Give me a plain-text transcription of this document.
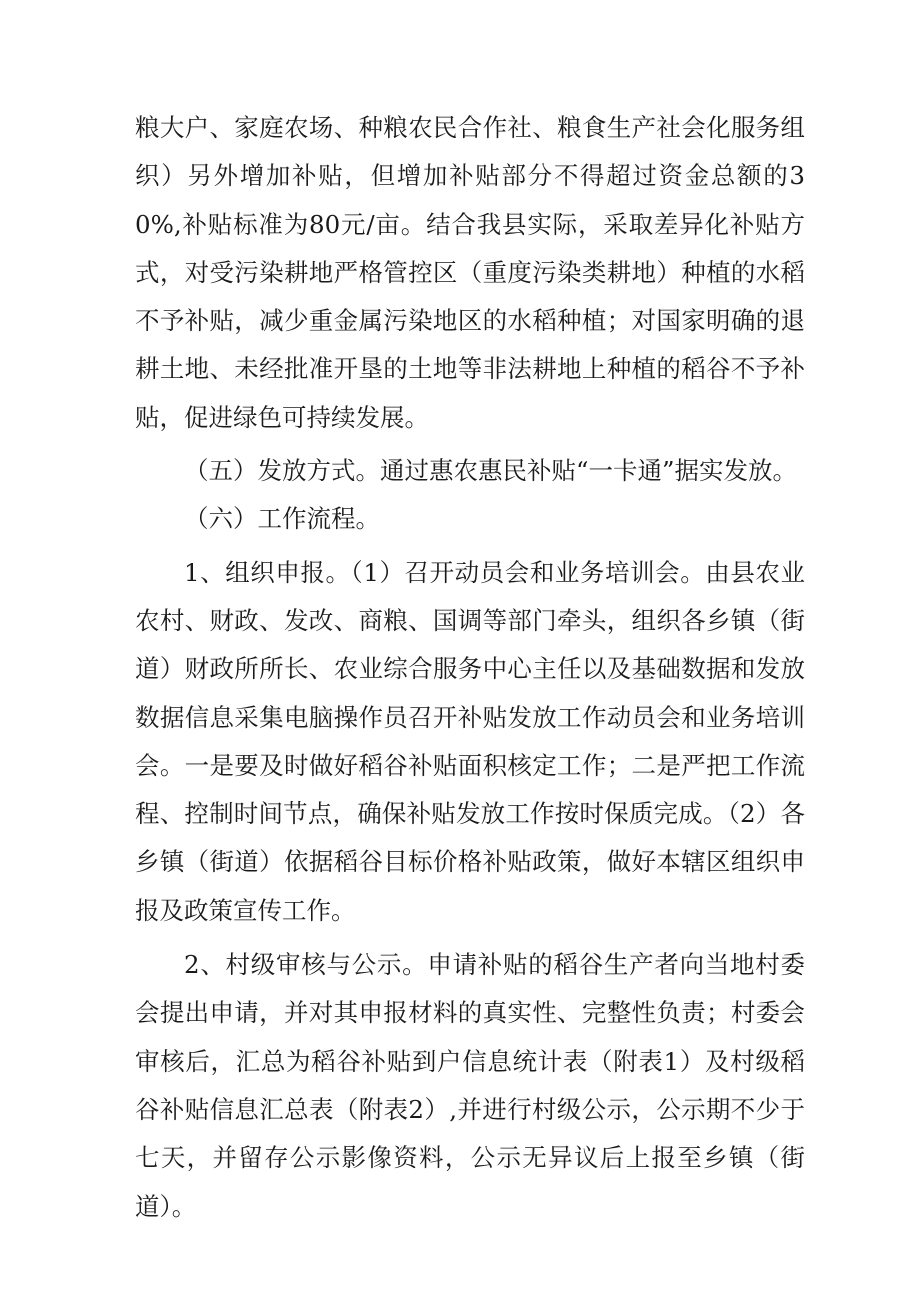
粮大户、家庭农场、种粮农民合作社、粮食生产社会化服务组织）另外增加补贴，但增加补贴部分不得超过资金总额的30%,补贴标准为80元/亩。结合我县实际，采取差异化补贴方式，对受污染耕地严格管控区（重度污染类耕地）种植的水稻不予补贴，减少重金属污染地区的水稻种植；对国家明确的退耕土地、未经批准开垦的土地等非法耕地上种植的稻谷不予补贴，促进绿色可持续发展。

（五）发放方式。通过惠农惠民补贴“一卡通”据实发放。

（六）工作流程。

1、组织申报。（1）召开动员会和业务培训会。由县农业农村、财政、发改、商粮、国调等部门牵头，组织各乡镇（街道）财政所所长、农业综合服务中心主任以及基础数据和发放数据信息采集电脑操作员召开补贴发放工作动员会和业务培训会。一是要及时做好稻谷补贴面积核定工作；二是严把工作流程、控制时间节点，确保补贴发放工作按时保质完成。（2）各乡镇（街道）依据稻谷目标价格补贴政策，做好本辖区组织申报及政策宣传工作。

2、村级审核与公示。申请补贴的稻谷生产者向当地村委会提出申请，并对其申报材料的真实性、完整性负责；村委会审核后，汇总为稻谷补贴到户信息统计表（附表1）及村级稻谷补贴信息汇总表（附表2）,并进行村级公示，公示期不少于七天，并留存公示影像资料，公示无异议后上报至乡镇（街道）。
